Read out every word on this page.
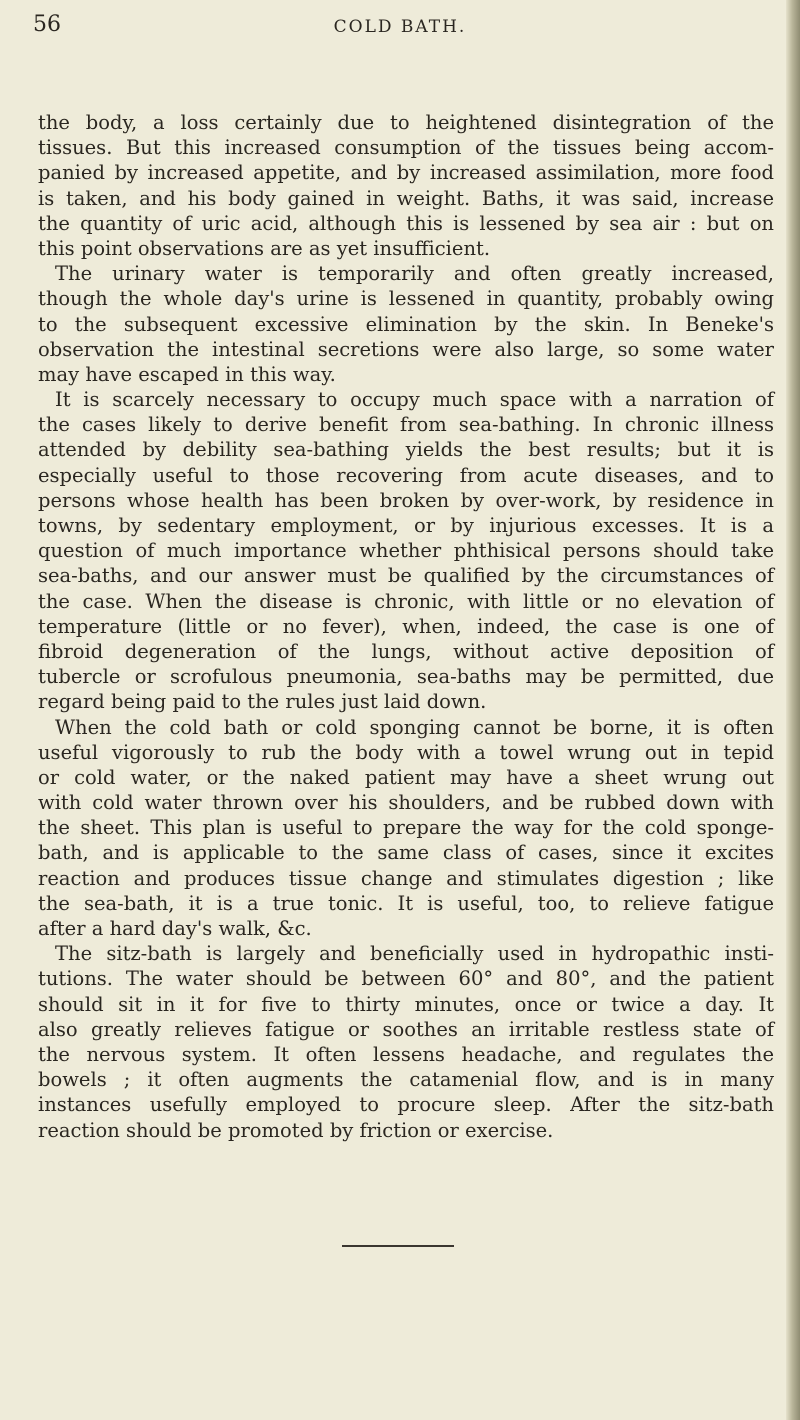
56	COLD BATH.
the body, a loss certainly due to heightened disintegration of the
tissues. But this increased consumption of the tissues being accom-
panied by increased appetite, and by increased assimilation, more food
is taken, and his body gained in weight. Baths, it was said, increase
the quantity of uric acid, although this is lessened by sea air : but on
this point observations are as yet insufficient.
The urinary water is temporarily and often greatly increased,
though the whole day's urine is lessened in quantity, probably owing
to the subsequent excessive elimination by the skin. In Beneke's
observation the intestinal secretions were also large, so some water
may have escaped in this way.
It is scarcely necessary to occupy much space with a narration of
the cases likely to derive benefit from sea-bathing. In chronic illness
attended by debility sea-bathing yields the best results; but it is
especially useful to those recovering from acute diseases, and to
persons whose health has been broken by over-work, by residence in
towns, by sedentary employment, or by injurious excesses. It is a
question of much importance whether phthisical persons should take
sea-baths, and our answer must be qualified by the circumstances of
the case. When the disease is chronic, with little or no elevation of
temperature (little or no fever), when, indeed, the case is one of
fibroid degeneration of the lungs, without active deposition of
tubercle or scrofulous pneumonia, sea-baths may be permitted, due
regard being paid to the rules just laid down.
When the cold bath or cold sponging cannot be borne, it is often
useful vigorously to rub the body with a towel wrung out in tepid
or cold water, or the naked patient may have a sheet wrung out
with cold water thrown over his shoulders, and be rubbed down with
the sheet. This plan is useful to prepare the way for the cold sponge-
bath, and is applicable to the same class of cases, since it excites
reaction and produces tissue change and stimulates digestion ; like
the sea-bath, it is a true tonic. It is useful, too, to relieve fatigue
after a hard day's walk, &c.
The sitz-bath is largely and beneficially used in hydropathic insti-
tutions. The water should be between 60° and 80°, and the patient
should sit in it for five to thirty minutes, once or twice a day. It
also greatly relieves fatigue or soothes an irritable restless state of
the nervous system. It often lessens headache, and regulates the
bowels ; it often augments the catamenial flow, and is in many
instances usefully employed to procure sleep. After the sitz-bath
reaction should be promoted by friction or exercise.
